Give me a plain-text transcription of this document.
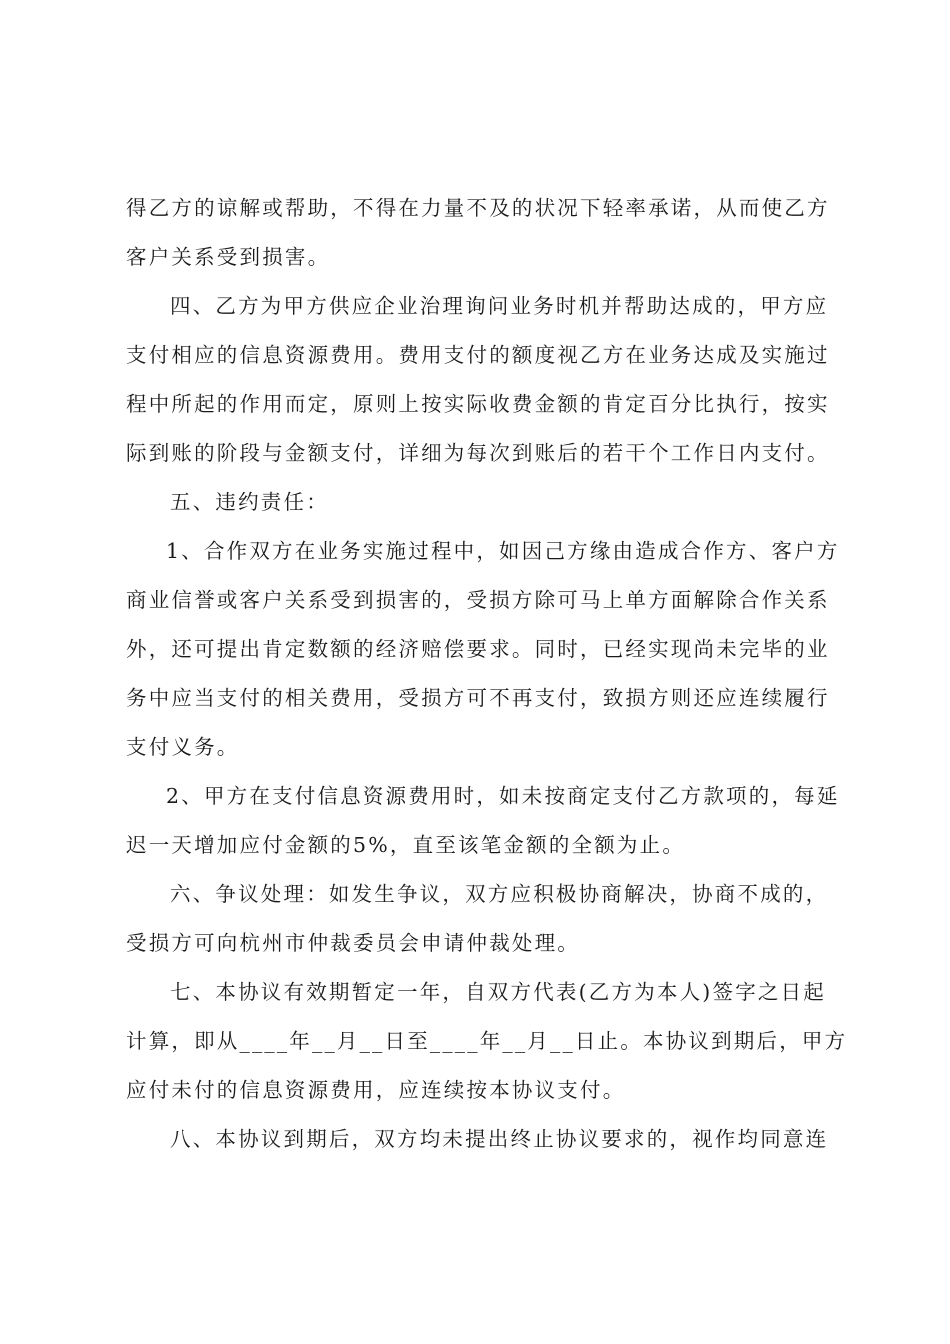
得乙方的谅解或帮助，不得在力量不及的状况下轻率承诺，从而使乙方
客户关系受到损害。
四、乙方为甲方供应企业治理询问业务时机并帮助达成的，甲方应
支付相应的信息资源费用。费用支付的额度视乙方在业务达成及实施过
程中所起的作用而定，原则上按实际收费金额的肯定百分比执行，按实
际到账的阶段与金额支付，详细为每次到账后的若干个工作日内支付。
五、违约责任：
1、合作双方在业务实施过程中，如因己方缘由造成合作方、客户方
商业信誉或客户关系受到损害的，受损方除可马上单方面解除合作关系
外，还可提出肯定数额的经济赔偿要求。同时，已经实现尚未完毕的业
务中应当支付的相关费用，受损方可不再支付，致损方则还应连续履行
支付义务。
2、甲方在支付信息资源费用时，如未按商定支付乙方款项的，每延
迟一天增加应付金额的5%，直至该笔金额的全额为止。
六、争议处理：如发生争议，双方应积极协商解决，协商不成的，
受损方可向杭州市仲裁委员会申请仲裁处理。
七、本协议有效期暂定一年，自双方代表(乙方为本人)签字之日起
计算，即从____年__月__日至____年__月__日止。本协议到期后，甲方
应付未付的信息资源费用，应连续按本协议支付。
八、本协议到期后，双方均未提出终止协议要求的，视作均同意连
